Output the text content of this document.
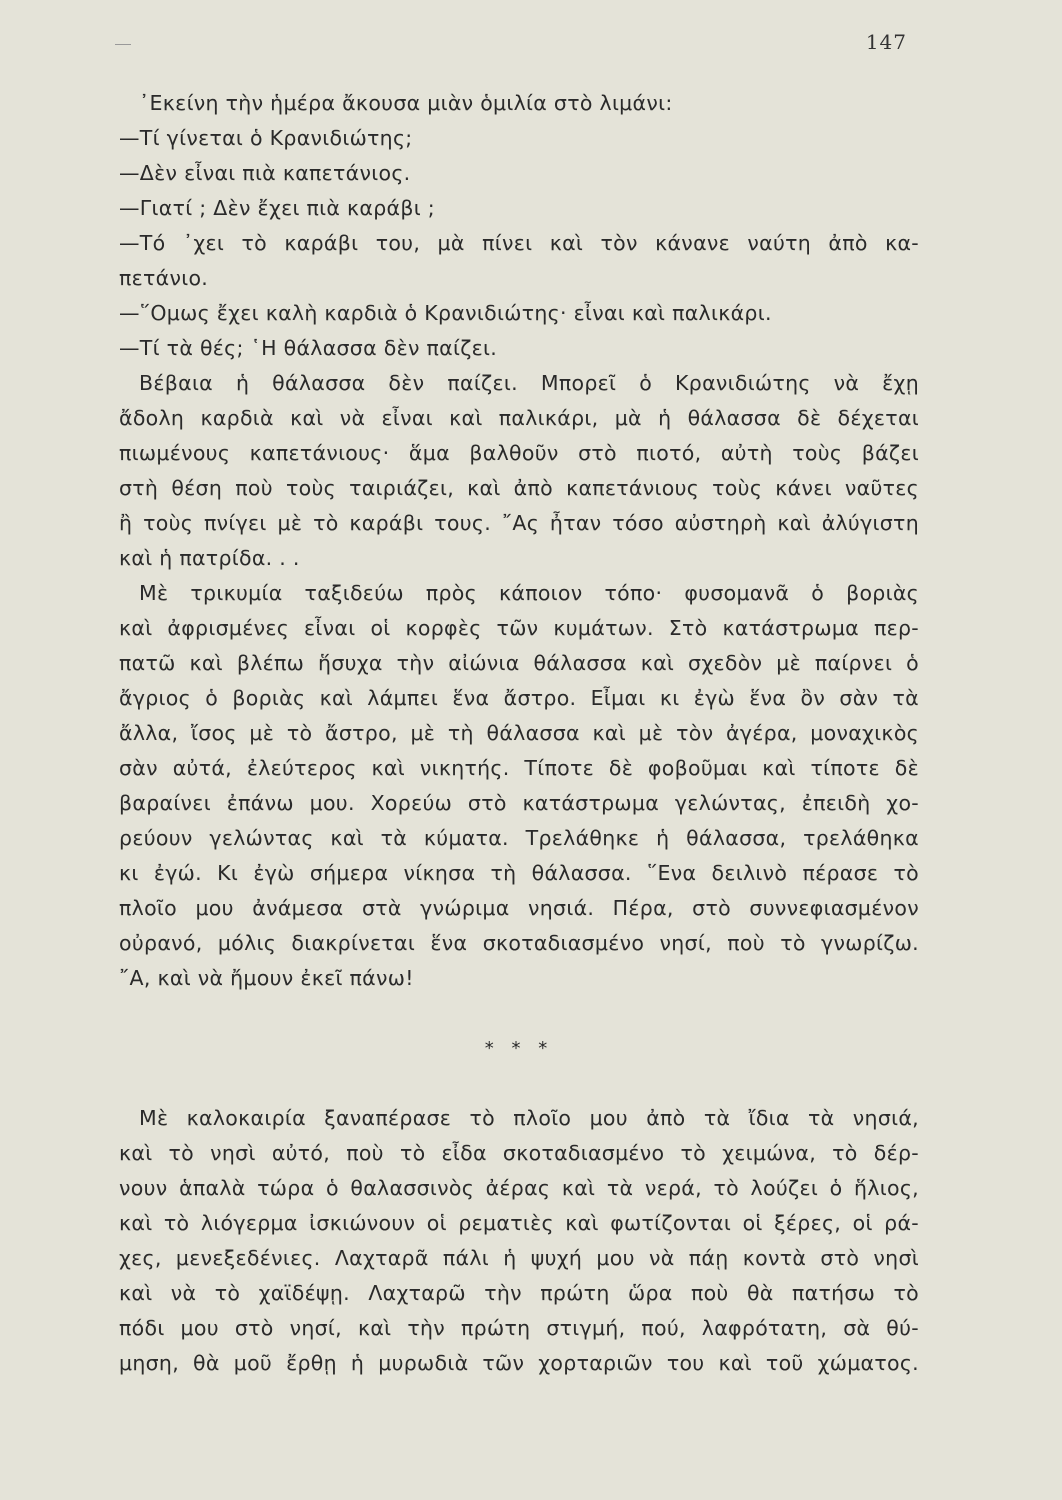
147
᾿Εκείνη τὴν ἡμέρα ἄκουσα μιὰν ὁμιλία στὸ λιμάνι:
—Τί γίνεται ὁ Κρανιδιώτης;
—Δὲν εἶναι πιὰ καπετάνιος.
—Γιατί ; Δὲν ἔχει πιὰ καράβι ;
—Τό ᾿χει τὸ καράβι του, μὰ πίνει καὶ τὸν κάνανε ναύτη ἀπὸ κα-
πετάνιο.
—῞Ομως ἔχει καλὴ καρδιὰ ὁ Κρανιδιώτης· εἶναι καὶ παλικάρι.
—Τί τὰ θές; ῾Η θάλασσα δὲν παίζει.
Βέβαια ἡ θάλασσα δὲν παίζει. Μπορεῖ ὁ Κρανιδιώτης νὰ ἔχῃ
ἄδολη καρδιὰ καὶ νὰ εἶναι καὶ παλικάρι, μὰ ἡ θάλασσα δὲ δέχεται
πιωμένους καπετάνιους· ἅμα βαλθοῦν στὸ πιοτό, αὐτὴ τοὺς βάζει
στὴ θέση ποὺ τοὺς ταιριάζει, καὶ ἀπὸ καπετάνιους τοὺς κάνει ναῦτες
ἢ τοὺς πνίγει μὲ τὸ καράβι τους. ῎Ας ἦταν τόσο αὐστηρὴ καὶ ἀλύγιστη
καὶ ἡ πατρίδα. . .
Μὲ τρικυμία ταξιδεύω πρὸς κάποιον τόπο· φυσομανᾶ ὁ βοριὰς
καὶ ἀφρισμένες εἶναι οἱ κορφὲς τῶν κυμάτων. Στὸ κατάστρωμα περ-
πατῶ καὶ βλέπω ἥσυχα τὴν αἰώνια θάλασσα καὶ σχεδὸν μὲ παίρνει ὁ
ἄγριος ὁ βοριὰς καὶ λάμπει ἕνα ἄστρο. Εἶμαι κι ἐγὼ ἕνα ὂν σὰν τὰ
ἄλλα, ἴσος μὲ τὸ ἄστρο, μὲ τὴ θάλασσα καὶ μὲ τὸν ἀγέρα, μοναχικὸς
σὰν αὐτά, ἐλεύτερος καὶ νικητής. Τίποτε δὲ φοβοῦμαι καὶ τίποτε δὲ
βαραίνει ἐπάνω μου. Χορεύω στὸ κατάστρωμα γελώντας, ἐπειδὴ χο-
ρεύουν γελώντας καὶ τὰ κύματα. Τρελάθηκε ἡ θάλασσα, τρελάθηκα
κι ἐγώ. Κι ἐγὼ σήμερα νίκησα τὴ θάλασσα. ῞Ενα δειλινὸ πέρασε τὸ
πλοῖο μου ἀνάμεσα στὰ γνώριμα νησιά. Πέρα, στὸ συννεφιασμένον
οὐρανό, μόλις διακρίνεται ἕνα σκοταδιασμένο νησί, ποὺ τὸ γνωρίζω.
῎Α, καὶ νὰ ἤμουν ἐκεῖ πάνω!
* * *
Μὲ καλοκαιρία ξαναπέρασε τὸ πλοῖο μου ἀπὸ τὰ ἴδια τὰ νησιά,
καὶ τὸ νησὶ αὐτό, ποὺ τὸ εἶδα σκοταδιασμένο τὸ χειμώνα, τὸ δέρ-
νουν ἁπαλὰ τώρα ὁ θαλασσινὸς ἀέρας καὶ τὰ νερά, τὸ λούζει ὁ ἥλιος,
καὶ τὸ λιόγερμα ἰσκιώνουν οἱ ρεματιὲς καὶ φωτίζονται οἱ ξέρες, οἱ ρά-
χες, μενεξεδένιες. Λαχταρᾶ πάλι ἡ ψυχή μου νὰ πάῃ κοντὰ στὸ νησὶ
καὶ νὰ τὸ χαϊδέψῃ. Λαχταρῶ τὴν πρώτη ὥρα ποὺ θὰ πατήσω τὸ
πόδι μου στὸ νησί, καὶ τὴν πρώτη στιγμή, πού, λαφρότατη, σὰ θύ-
μηση, θὰ μοῦ ἔρθῃ ἡ μυρωδιὰ τῶν χορταριῶν του καὶ τοῦ χώματος.
